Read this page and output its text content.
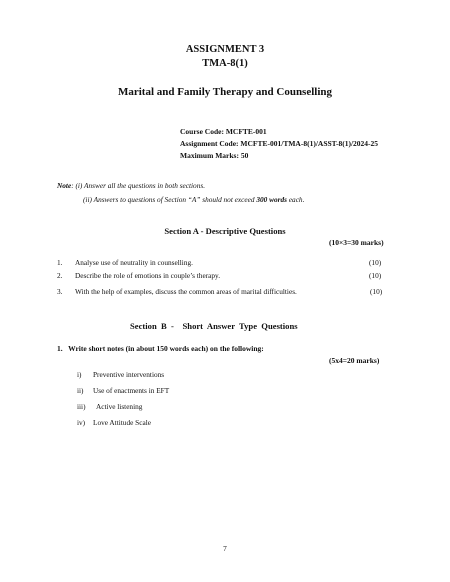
ASSIGNMENT 3
TMA-8(1)
Marital and Family Therapy and Counselling
Course Code: MCFTE-001
Assignment Code: MCFTE-001/TMA-8(1)/ASST-8(1)/2024-25
Maximum Marks: 50
Note: (i) Answer all the questions in both sections.
(ii) Answers to questions of Section “A” should not exceed 300 words each.
Section A - Descriptive Questions
(10×3=30 marks)
1. Analyse use of neutrality in counselling.	(10)
2. Describe the role of emotions in couple’s therapy.	(10)
3. With the help of examples, discuss the common areas of marital difficulties.	(10)
Section  B  -    Short  Answer  Type  Questions
1.   Write short notes (in about 150 words each) on the following:
(5x4=20 marks)
i) Preventive interventions
ii) Use of enactments in EFT
iii) Active listening
iv) Love Attitude Scale
7
